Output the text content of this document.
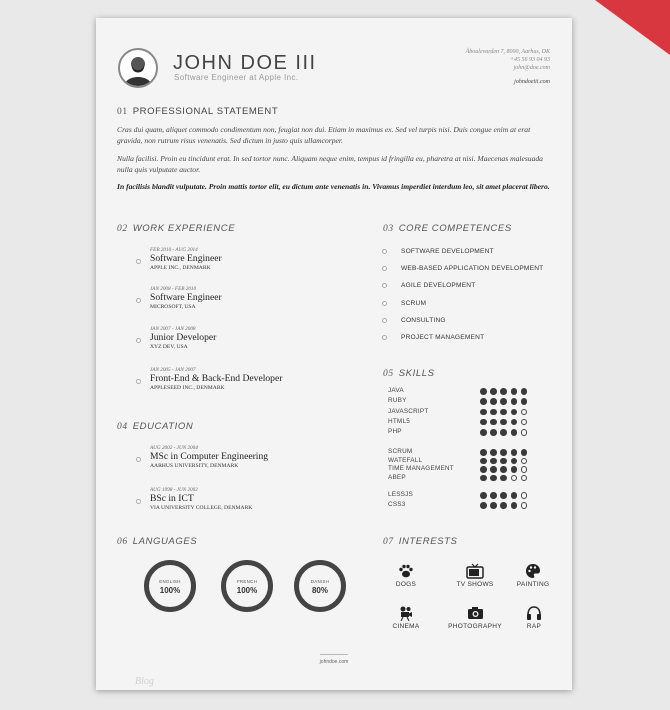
JOHN DOE III
Software Engineer at Apple Inc.
Åboulevarden 7, 8000, Aarhus, DK
+45 56 93 04 93
john@doe.com
johndoeiii.com
01 PROFESSIONAL STATEMENT

Cras dui quam, aliquet commodo condimentum non, feugiat non dui. Etiam in maximus ex. Sed vel turpis nisi. Duis congue enim at erat gravida, non rutrum risus venenatis. Sed dictum in justo quis ullamcorper.

Nulla facilisi. Proin eu tincidunt erat. In sed tortor nunc. Aliquam neque enim, tempus id fringilla eu, pharetra at nisi. Maecenas malesuada nulla quis vulputate auctor.

In facilisis blandit vulputate. Proin mattis tortor elit, eu dictum ante venenatis in. Vivamus imperdiet interdum leo, sit amet placerat libero.

02 WORK EXPERIENCE
FEB 2010 - AUG 2014
Software Engineer
APPLE INC., DENMARK
JAN 2008 - FEB 2010
Software Engineer
MICROSOFT, USA
JAN 2007 - JAN 2008
Junior Developer
XYZ DEV, USA
JAN 2005 - JAN 2007
Front-End & Back-End Developer
APPLESEED INC., DENMARK
04 EDUCATION
AUG 2002 - JUN 2004
MSc in Computer Engineering
AARHUS UNIVERSITY, DENMARK
AUG 1998 - JUN 2002
BSc in ICT
VIA UNIVERSITY COLLEGE, DENMARK
03 CORE COMPETENCES
SOFTWARE DEVELOPMENT
WEB-BASED APPLICATION DEVELOPMENT
AGILE DEVELOPMENT
SCRUM
CONSULTING
PROJECT MANAGEMENT
05 SKILLS
JAVA
RUBY
JAVASCRIPT
HTML5
PHP
SCRUM
WATEFALL
TIME MANAGEMENT
ABEP
LESSJS
CSS3
06 LANGUAGES
ENGLISH
100%
FRENCH
100%
DANISH
80%
07 INTERESTS
DOGS	TV SHOWS	PAINTING
CINEMA	PHOTOGRAPHY	RAP
johndoe.com
Blog
